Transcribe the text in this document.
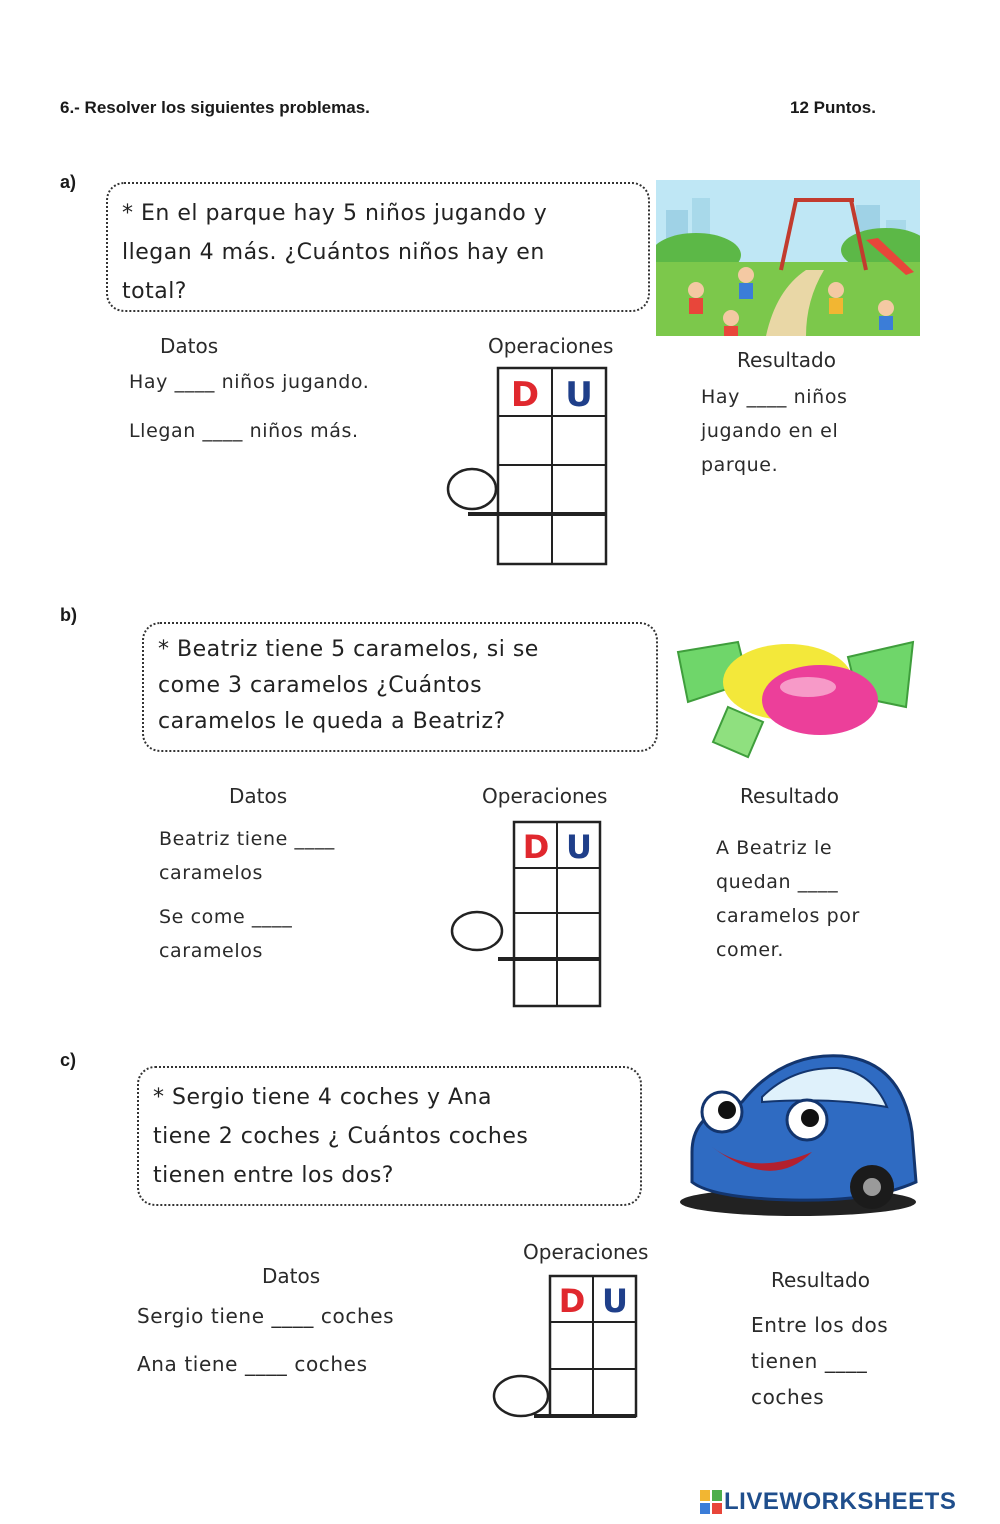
6.- Resolver los siguientes problemas.	12 Puntos.
a)
* En el parque hay 5 niños jugando y
llegan 4 más. ¿Cuántos niños hay en
total?
Datos	Operaciones
Resultado
Hay ____ niños jugando.
Llegan ____ niños más.
Hay ____ niños
jugando en el
parque.
D U
b)
* Beatriz tiene 5 caramelos, si se
come 3 caramelos ¿Cuántos
caramelos le queda a Beatriz?
Datos	Operaciones	Resultado
Beatriz tiene ____
caramelos
Se come ____
caramelos
A Beatriz le
quedan ____
caramelos por
comer.
D U
c)
* Sergio tiene 4 coches y Ana
tiene 2 coches ¿ Cuántos coches
tienen entre los dos?
Datos
Operaciones
Resultado
Sergio tiene ____ coches
Ana tiene ____ coches
Entre los dos
tienen ____
coches
D U
LIVEWORKSHEETS
